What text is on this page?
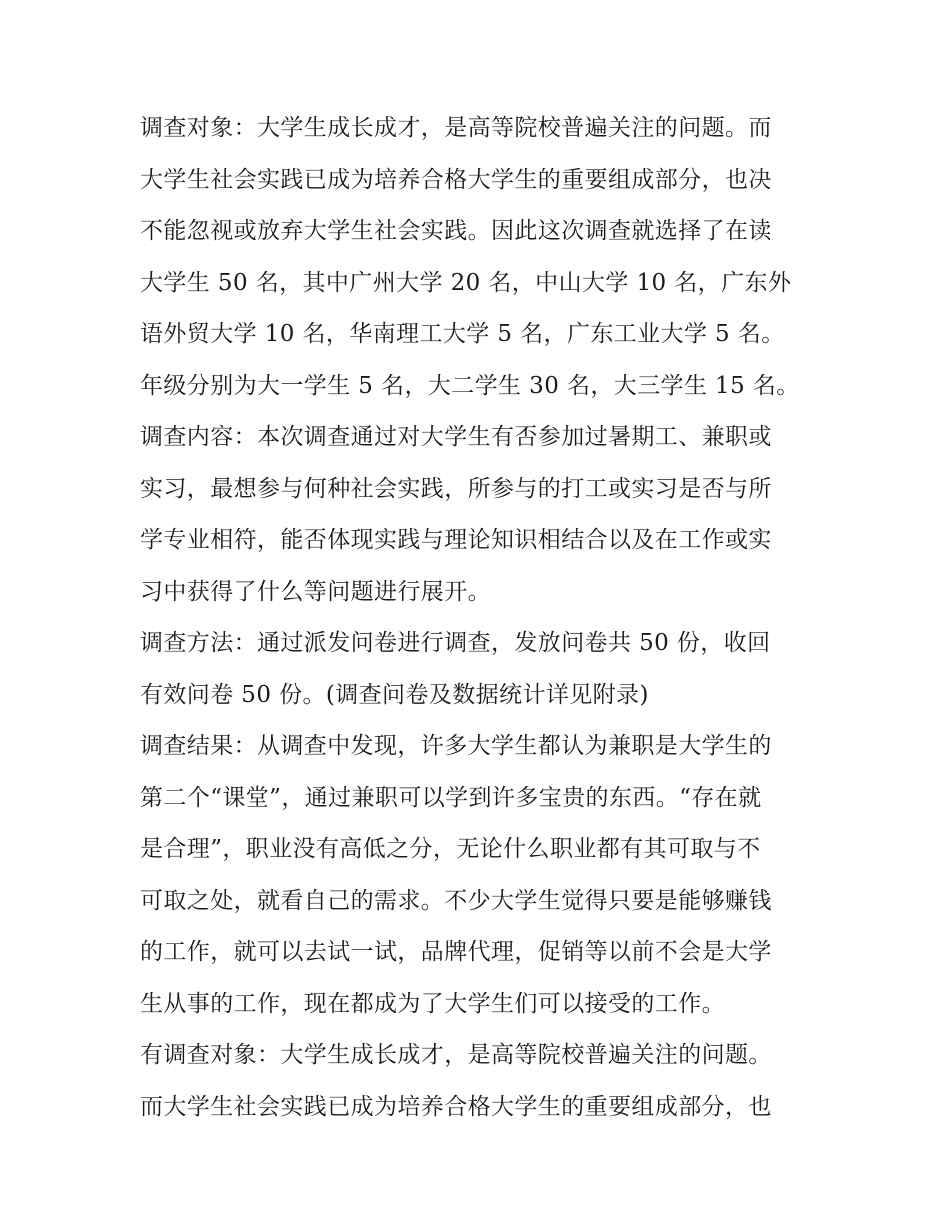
调查对象：大学生成长成才，是高等院校普遍关注的问题。而
大学生社会实践已成为培养合格大学生的重要组成部分，也决
不能忽视或放弃大学生社会实践。因此这次调查就选择了在读
大学生 50 名，其中广州大学 20 名，中山大学 10 名，广东外
语外贸大学 10 名，华南理工大学 5 名，广东工业大学 5 名。
年级分别为大一学生 5 名，大二学生 30 名，大三学生 15 名。
调查内容：本次调查通过对大学生有否参加过暑期工、兼职或
实习，最想参与何种社会实践，所参与的打工或实习是否与所
学专业相符，能否体现实践与理论知识相结合以及在工作或实
习中获得了什么等问题进行展开。
调查方法：通过派发问卷进行调查，发放问卷共 50 份，收回
有效问卷 50 份。(调查问卷及数据统计详见附录)
调查结果：从调查中发现，许多大学生都认为兼职是大学生的
第二个“课堂”，通过兼职可以学到许多宝贵的东西。“存在就
是合理”，职业没有高低之分，无论什么职业都有其可取与不
可取之处，就看自己的需求。不少大学生觉得只要是能够赚钱
的工作，就可以去试一试，品牌代理，促销等以前不会是大学
生从事的工作，现在都成为了大学生们可以接受的工作。
有调查对象：大学生成长成才，是高等院校普遍关注的问题。
而大学生社会实践已成为培养合格大学生的重要组成部分，也
